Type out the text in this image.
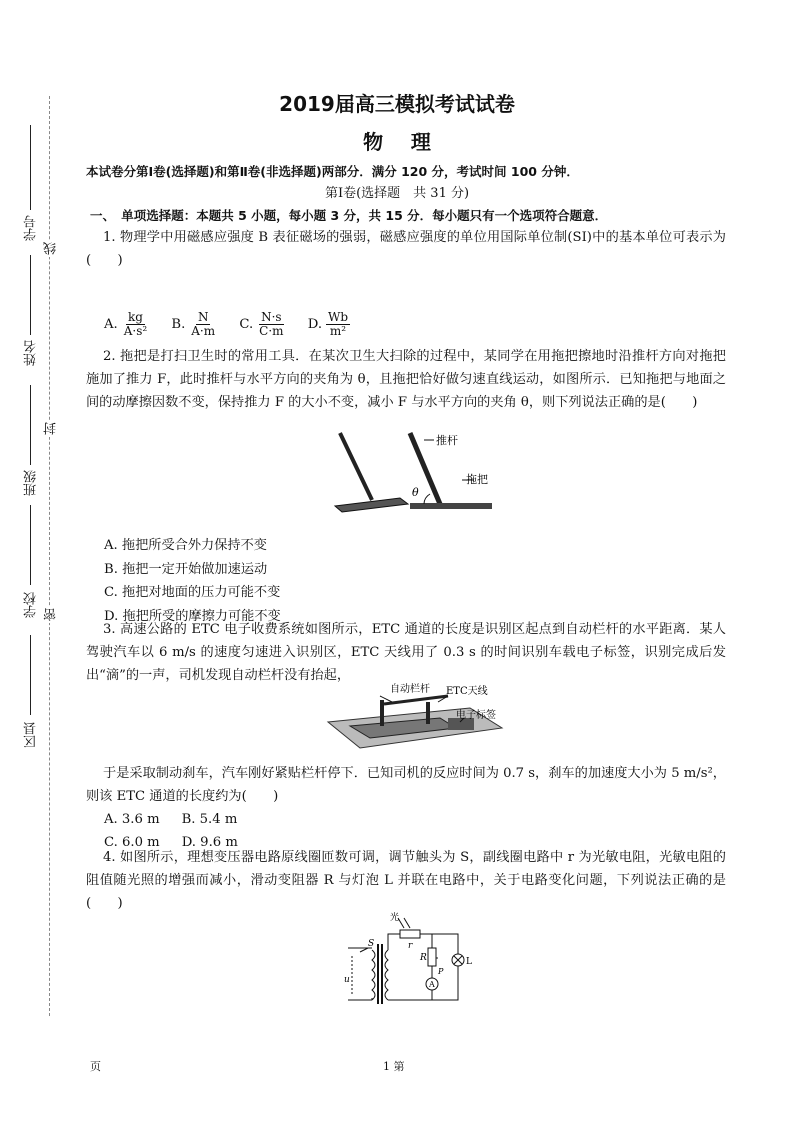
学号
姓名
班级
学校
区县
线
封
密
2019届高三模拟考试试卷
物    理
本试卷分第Ⅰ卷(选择题)和第Ⅱ卷(非选择题)两部分．满分 120 分，考试时间 100 分钟．
第Ⅰ卷(选择题　共 31 分)
一、　单项选择题：本题共 5 小题，每小题 3 分，共 15 分．每小题只有一个选项符合题意．
1. 物理学中用磁感应强度 B 表征磁场的强弱，磁感应强度的单位用国际单位制(SI)中的基本单位可表示为(　　)
A. $\frac{kg}{\text{A·s²}} B$. $\frac{N}{A\cdot m} C$. $\frac{N\cdot s}{C\cdot m} D$. $\frac{Wb}{\text{m²}}$
2. 拖把是打扫卫生时的常用工具．在某次卫生大扫除的过程中，某同学在用拖把擦地时沿推杆方向对拖把施加了推力 F，此时推杆与水平方向的夹角为 θ，且拖把恰好做匀速直线运动，如图所示．已知拖把与地面之间的动摩擦因数不变，保持推力 F 的大小不变，减小 F 与水平方向的夹角 θ，则下列说法正确的是(　　)
推杆
拖把
θ
A. 拖把所受合外力保持不变
B. 拖把一定开始做加速运动
C. 拖把对地面的压力可能不变
D. 拖把所受的摩擦力可能不变
3. 高速公路的 ETC 电子收费系统如图所示，ETC 通道的长度是识别区起点到自动栏杆的水平距离．某人驾驶汽车以 6 m/s 的速度匀速进入识别区，ETC 天线用了 0.3 s 的时间识别车载电子标签，识别完成后发出“滴”的一声，司机发现自动栏杆没有抬起，
自动栏杆 ETC天线
电子标签
于是采取制动刹车，汽车刚好紧贴栏杆停下．已知司机的反应时间为 0.7 s，刹车的加速度大小为 5 m/s²，则该 ETC 通道的长度约为(　　)
A. 3.6 m B. 5.4 m
C. 6.0 m D. 9.6 m
4. 如图所示，理想变压器电路原线圈匝数可调，调节触头为 S，副线圈电路中 r 为光敏电阻，光敏电阻的阻值随光照的增强而减小，滑动变阻器 R 与灯泡 L 并联在电路中，关于电路变化问题，下列说法正确的是(　　)
S
u
光
r
R
P
L
A
页	1 第
